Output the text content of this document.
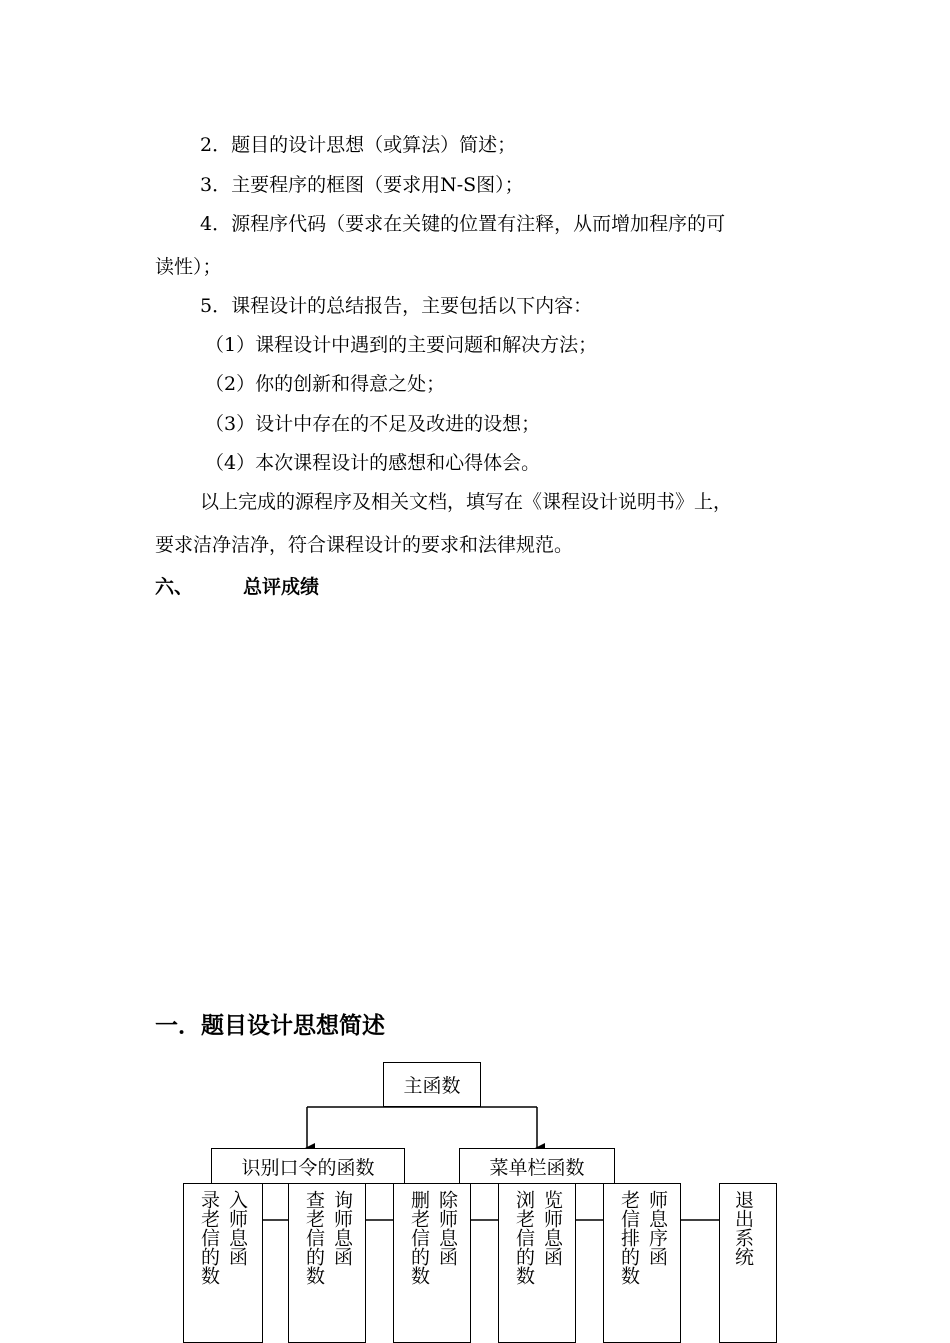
2．题目的设计思想（或算法）简述；
3．主要程序的框图（要求用N-S图）；
4．源程序代码（要求在关键的位置有注释，从而增加程序的可
读性）；
5．课程设计的总结报告，主要包括以下内容：
（1）课程设计中遇到的主要问题和解决方法；
（2）你的创新和得意之处；
（3）设计中存在的不足及改进的设想；
（4）本次课程设计的感想和心得体会。
以上完成的源程序及相关文档，填写在《课程设计说明书》上，
要求洁净洁净，符合课程设计的要求和法律规范。
六、	总评成绩
一．题目设计思想简述
主函数
识别口令的函数	菜单栏函数
录老信的数 入师息函	查老信的数 询师息函	删老信的数 除师息函	浏老信的数 览师息函	老信排的数 师息序函	退出系统
